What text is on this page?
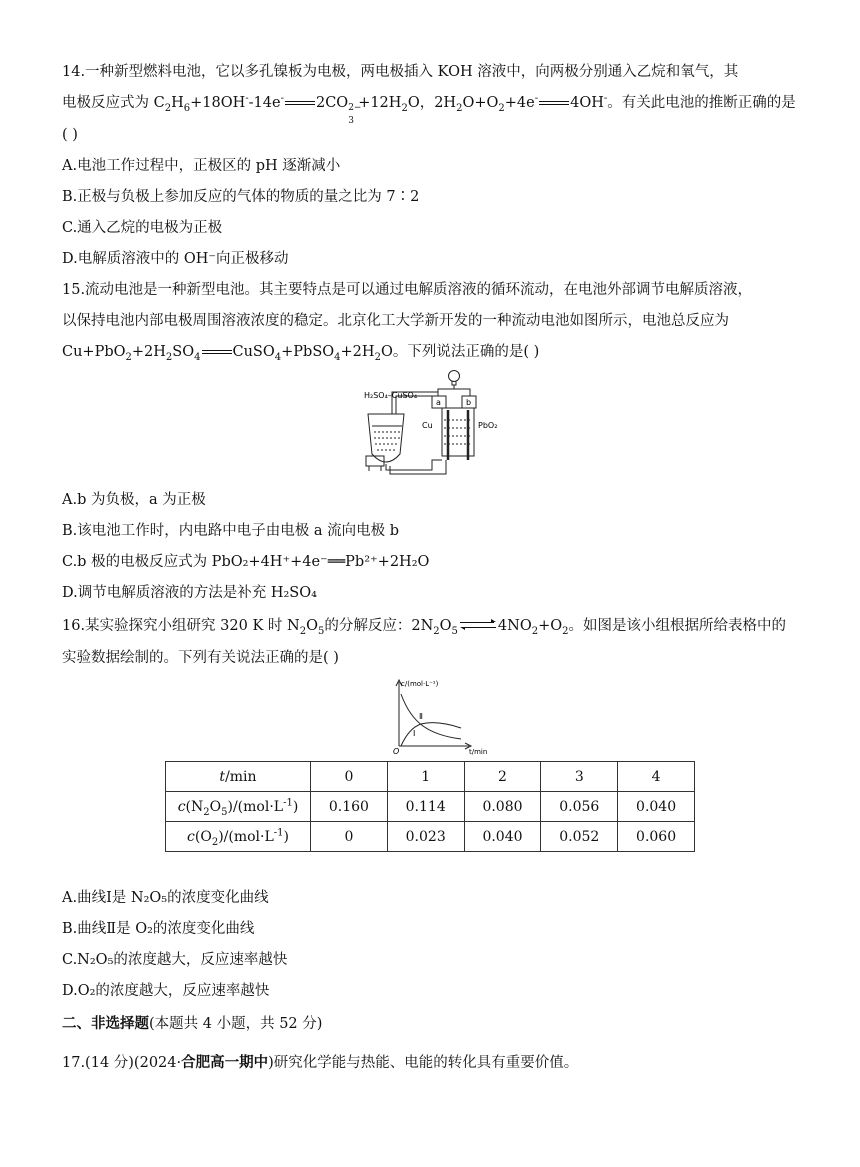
14.一种新型燃料电池，它以多孔镍板为电极，两电极插入 KOH 溶液中，向两极分别通入乙烷和氧气，其
电极反应式为 $C_2H_6+18OH^--14e^-$ 2CO 2−
3
$+12H_2O$，$2H_2O+O_2+4e^-$ 4OH-。有关此电池的推断正确的是
( )
A.电池工作过程中，正极区的 pH 逐渐减小
B.正极与负极上参加反应的气体的物质的量之比为 7∶2
C.通入乙烷的电极为正极
D.电解质溶液中的 OH⁻向正极移动
15.流动电池是一种新型电池。其主要特点是可以通过电解质溶液的循环流动，在电池外部调节电解质溶液，
以保持电池内部电极周围溶液浓度的稳定。北京化工大学新开发的一种流动电池如图所示，电池总反应为
$Cu+PbO_2+2H_2SO_4$ $CuSO_4+PbSO_4+2H_2O$。下列说法正确的是( )
H₂SO₄–CuSO₄
a	b
Cu	PbO₂
A.b 为负极，a 为正极
B.该电池工作时，内电路中电子由电极 a 流向电极 b
C.b 极的电极反应式为 PbO₂+4H⁺+4e⁻══Pb²⁺+2H₂O
D.调节电解质溶液的方法是补充 H₂SO₄
16.某实验探究小组研究 320 K 时 $N_2O_5$的分解反应：$2N_2O_5$	$4NO_2+O_2$。如图是该小组根据所给表格中的
实验数据绘制的。下列有关说法正确的是( )
c/(mol·L⁻¹)
t/min
O
Ⅱ
Ⅰ
t/min	0	1	2	3	4
$c(N_2O_5)/(mol\cdot L^{-1})$	0.160	0.114	0.080	0.056	0.040
$c(O_2)/(mol\cdot L^{-1})$	0	0.023	0.040	0.052	0.060
A.曲线Ⅰ是 N₂O₅的浓度变化曲线
B.曲线Ⅱ是 O₂的浓度变化曲线
C.N₂O₅的浓度越大，反应速率越快
D.O₂的浓度越大，反应速率越快
二、非选择题(本题共 4 小题，共 52 分)
17.(14 分)(2024·合肥高一期中)研究化学能与热能、电能的转化具有重要价值。
